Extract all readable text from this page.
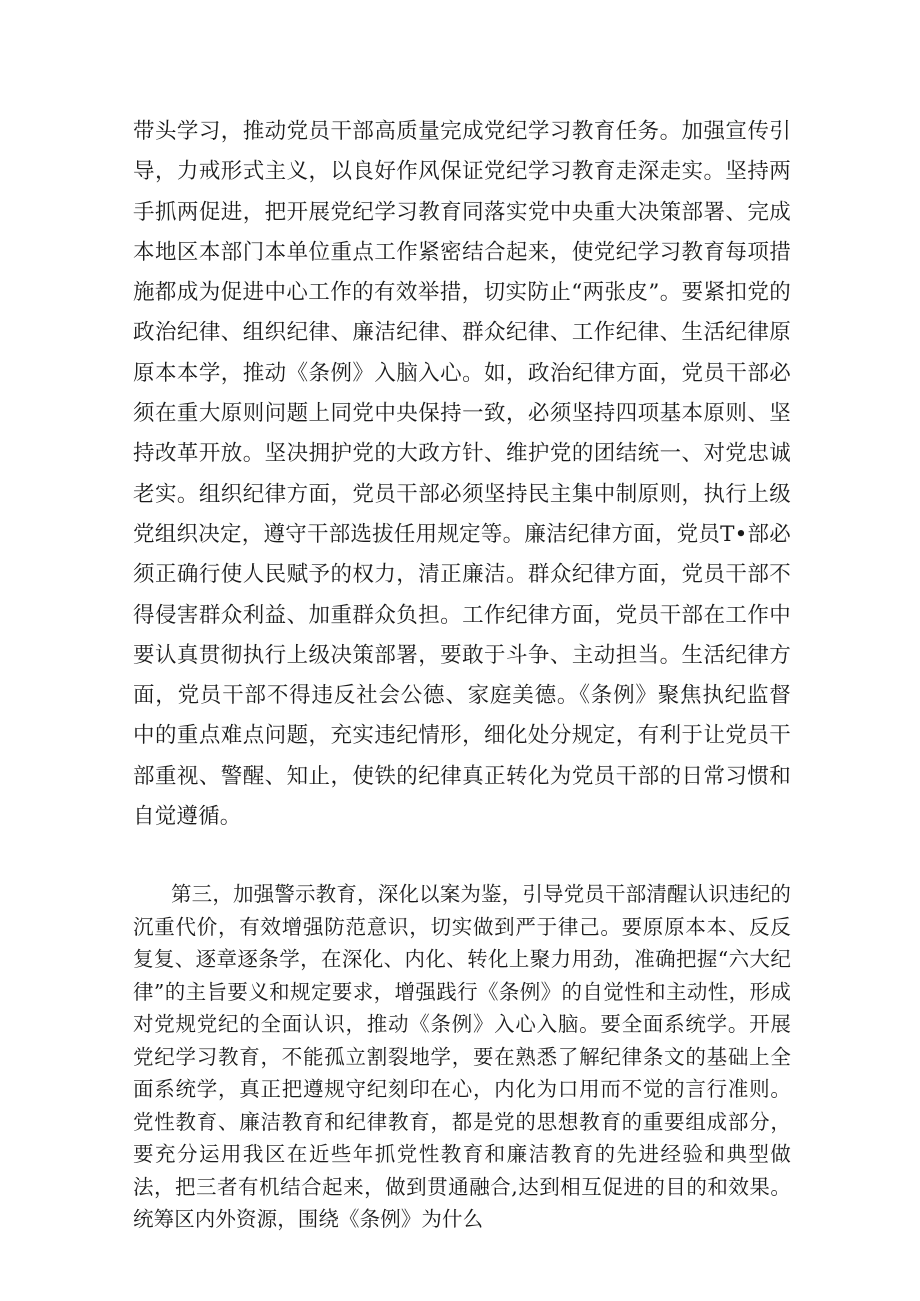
带头学习，推动党员干部高质量完成党纪学习教育任务。加强宣传引导，力戒形式主义，以良好作风保证党纪学习教育走深走实。坚持两手抓两促进，把开展党纪学习教育同落实党中央重大决策部署、完成本地区本部门本单位重点工作紧密结合起来，使党纪学习教育每项措施都成为促进中心工作的有效举措，切实防止“两张皮”。要紧扣党的政治纪律、组织纪律、廉洁纪律、群众纪律、工作纪律、生活纪律原原本本学，推动《条例》入脑入心。如，政治纪律方面，党员干部必须在重大原则问题上同党中央保持一致，必须坚持四项基本原则、坚持改革开放。坚决拥护党的大政方针、维护党的团结统一、对党忠诚老实。组织纪律方面，党员干部必须坚持民主集中制原则，执行上级党组织决定，遵守干部选拔任用规定等。廉洁纪律方面，党员T•部必须正确行使人民赋予的权力，清正廉洁。群众纪律方面，党员干部不得侵害群众利益、加重群众负担。工作纪律方面，党员干部在工作中要认真贯彻执行上级决策部署，要敢于斗争、主动担当。生活纪律方面，党员干部不得违反社会公德、家庭美德。《条例》聚焦执纪监督中的重点难点问题，充实违纪情形，细化处分规定，有利于让党员干部重视、警醒、知止，使铁的纪律真正转化为党员干部的日常习惯和自觉遵循。

第三，加强警示教育，深化以案为鉴，引导党员干部清醒认识违纪的沉重代价，有效增强防范意识，切实做到严于律己。要原原本本、反反复复、逐章逐条学，在深化、内化、转化上聚力用劲，准确把握“六大纪律”的主旨要义和规定要求，增强践行《条例》的自觉性和主动性，形成对党规党纪的全面认识，推动《条例》入心入脑。要全面系统学。开展党纪学习教育，不能孤立割裂地学，要在熟悉了解纪律条文的基础上全面系统学，真正把遵规守纪刻印在心，内化为口用而不觉的言行准则。党性教育、廉洁教育和纪律教育，都是党的思想教育的重要组成部分，要充分运用我区在近些年抓党性教育和廉洁教育的先进经验和典型做法，把三者有机结合起来，做到贯通融合,达到相互促进的目的和效果。统筹区内外资源，围绕《条例》为什么
